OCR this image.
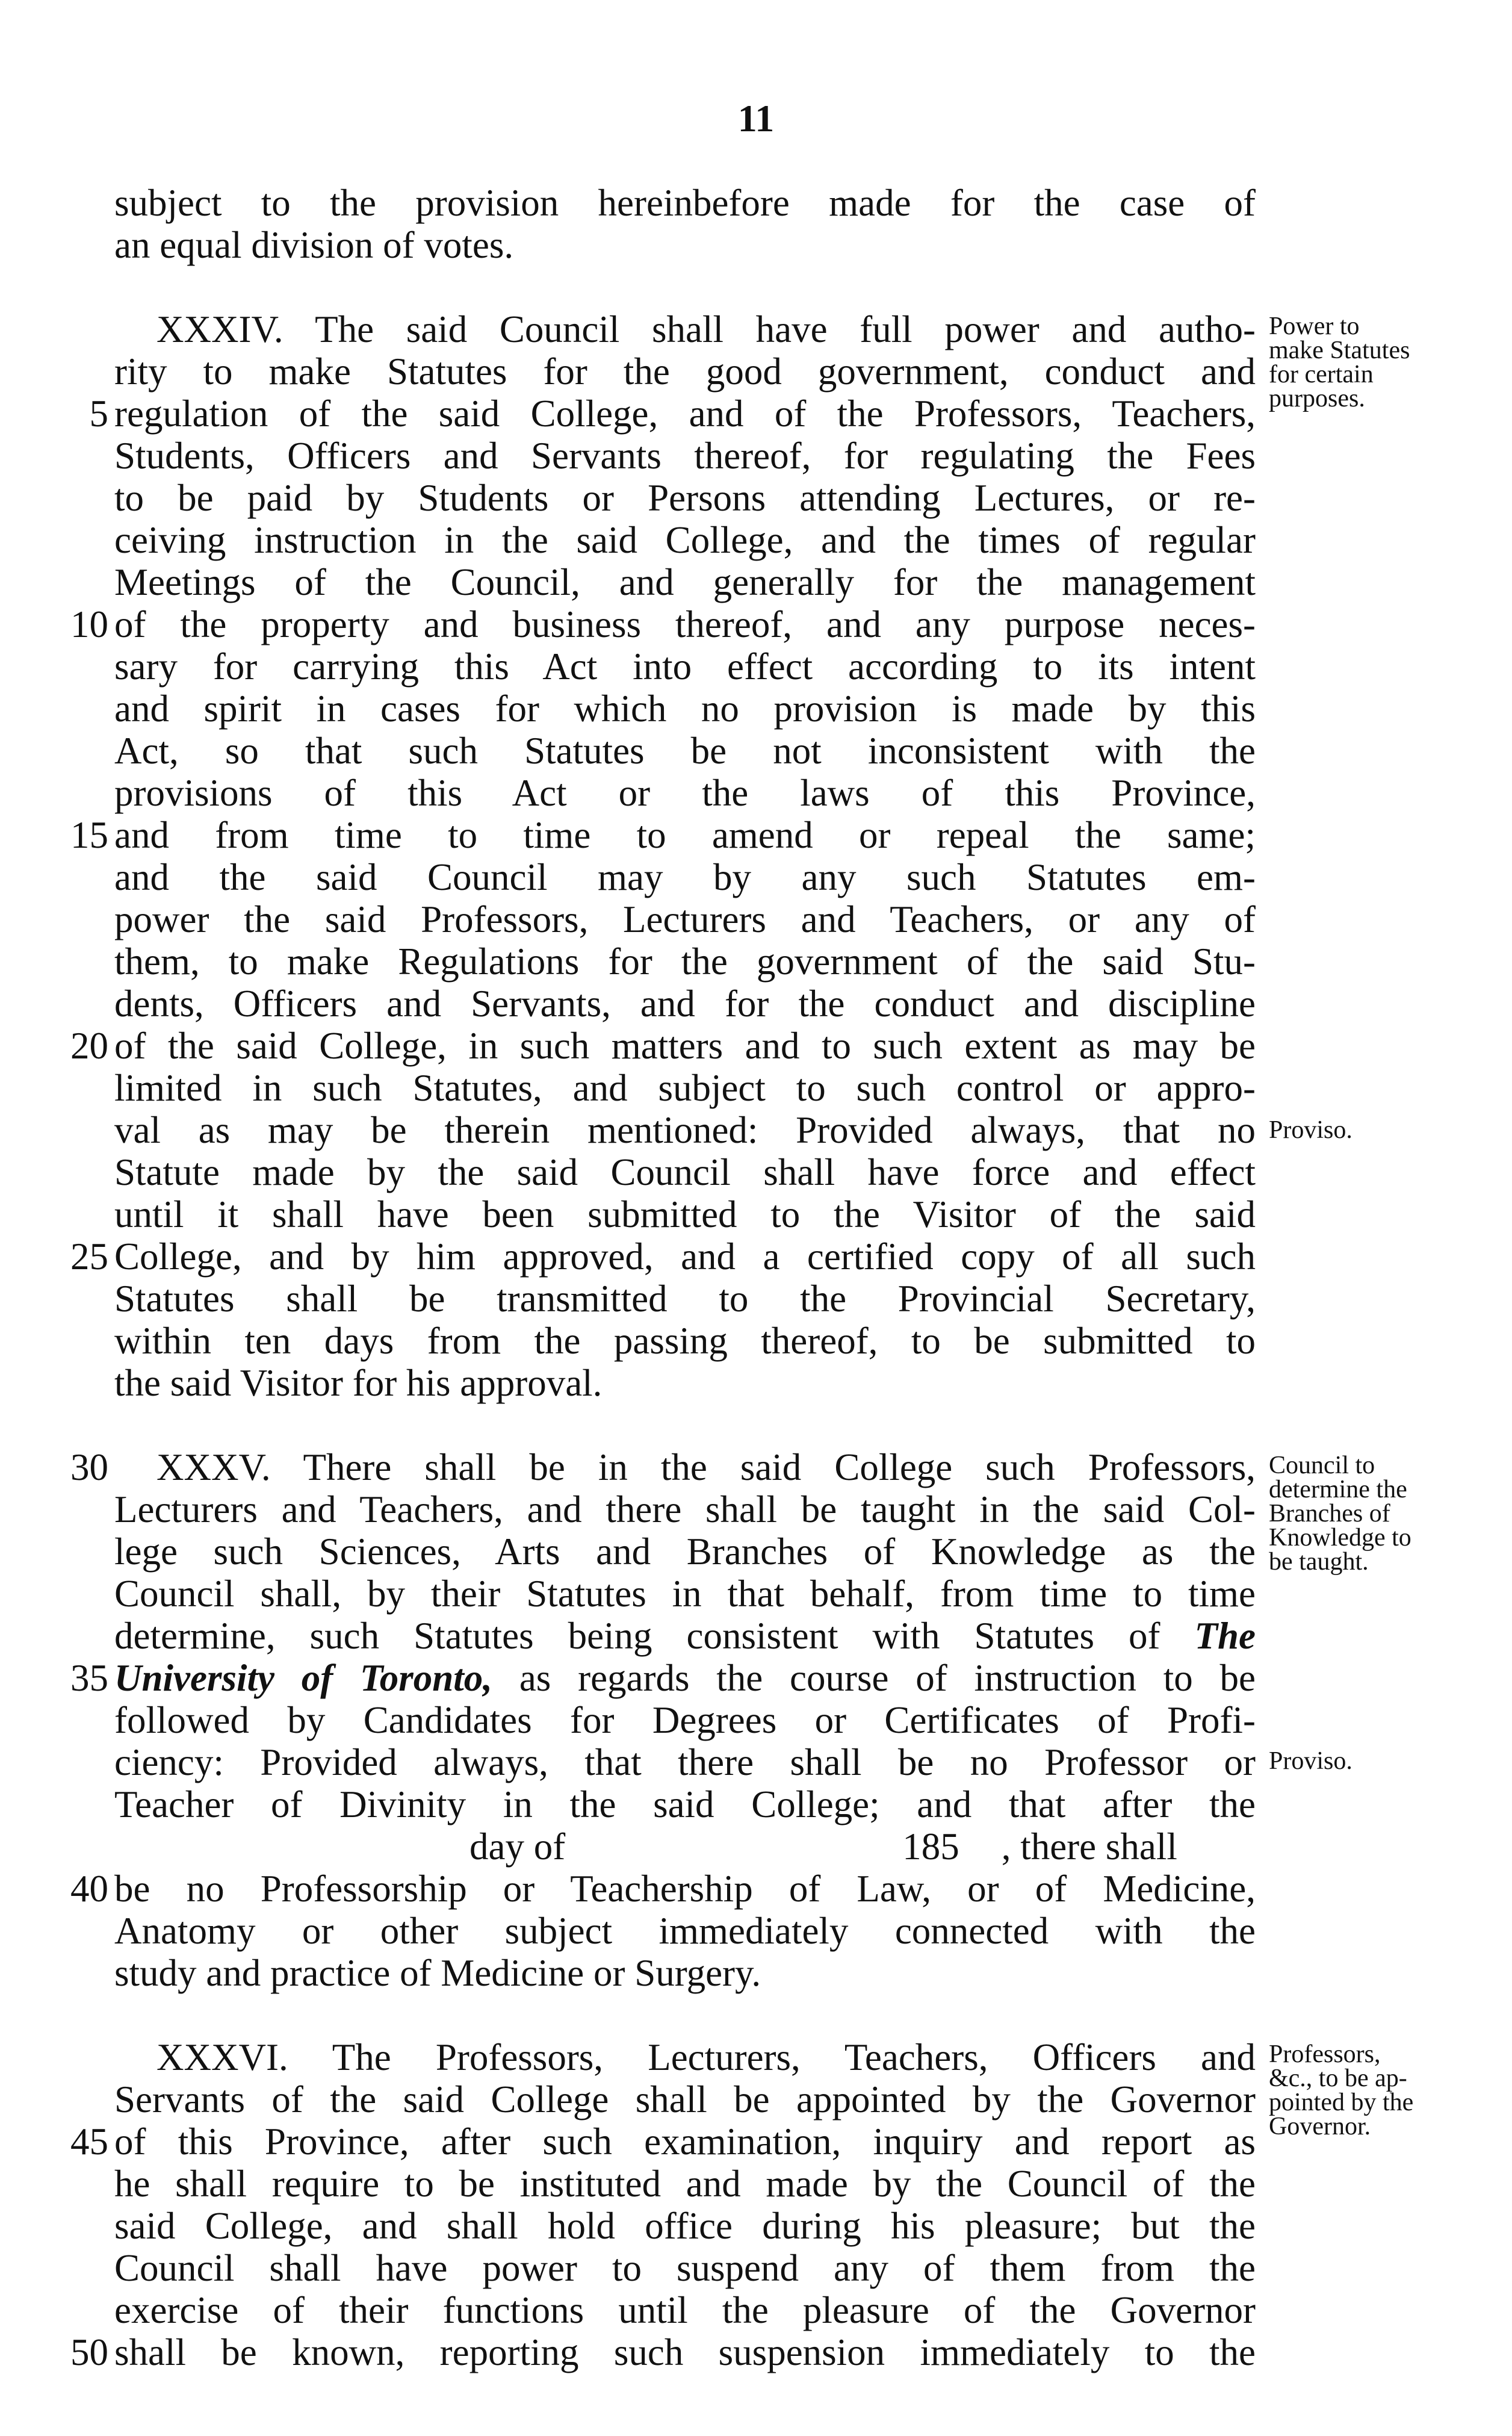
11
subject to the provision hereinbefore made for the case of
an equal division of votes.
XXXIV. The said Council shall have full power and autho-
rity to make Statutes for the good government, conduct and
5 regulation of the said College, and of the Professors, Teachers,
Students, Officers and Servants thereof, for regulating the Fees
to be paid by Students or Persons attending Lectures, or re-
ceiving instruction in the said College, and the times of regular
Meetings of the Council, and generally for the management
10 of the property and business thereof, and any purpose neces-
sary for carrying this Act into effect according to its intent
and spirit in cases for which no provision is made by this
Act, so that such Statutes be not inconsistent with the
provisions of this Act or the laws of this Province,
15 and from time to time to amend or repeal the same;
and the said Council may by any such Statutes em-
power the said Professors, Lecturers and Teachers, or any of
them, to make Regulations for the government of the said Stu-
dents, Officers and Servants, and for the conduct and discipline
20 of the said College, in such matters and to such extent as may be
limited in such Statutes, and subject to such control or appro-
val as may be therein mentioned: Provided always, that no
Statute made by the said Council shall have force and effect
until it shall have been submitted to the Visitor of the said
25 College, and by him approved, and a certified copy of all such
Statutes shall be transmitted to the Provincial Secretary,
within ten days from the passing thereof, to be submitted to
the said Visitor for his approval.
30 XXXV. There shall be in the said College such Professors,
Lecturers and Teachers, and there shall be taught in the said Col-
lege such Sciences, Arts and Branches of Knowledge as the
Council shall, by their Statutes in that behalf, from time to time
determine, such Statutes being consistent with Statutes of The
35 University of Toronto, as regards the course of instruction to be
followed by Candidates for Degrees or Certificates of Profi-
ciency: Provided always, that there shall be no Professor or
Teacher of Divinity in the said College; and that after the
day of	185 , there shall
40 be no Professorship or Teachership of Law, or of Medicine,
Anatomy or other subject immediately connected with the
study and practice of Medicine or Surgery.
XXXVI. The Professors, Lecturers, Teachers, Officers and
Servants of the said College shall be appointed by the Governor
45 of this Province, after such examination, inquiry and report as
he shall require to be instituted and made by the Council of the
said College, and shall hold office during his pleasure; but the
Council shall have power to suspend any of them from the
exercise of their functions until the pleasure of the Governor
50 shall be known, reporting such suspension immediately to the
Power to
make Statutes
for certain
purposes.
Proviso.
Council to
determine the
Branches of
Knowledge to
be taught.
Proviso.
Professors,
&c., to be ap-
pointed by the
Governor.
